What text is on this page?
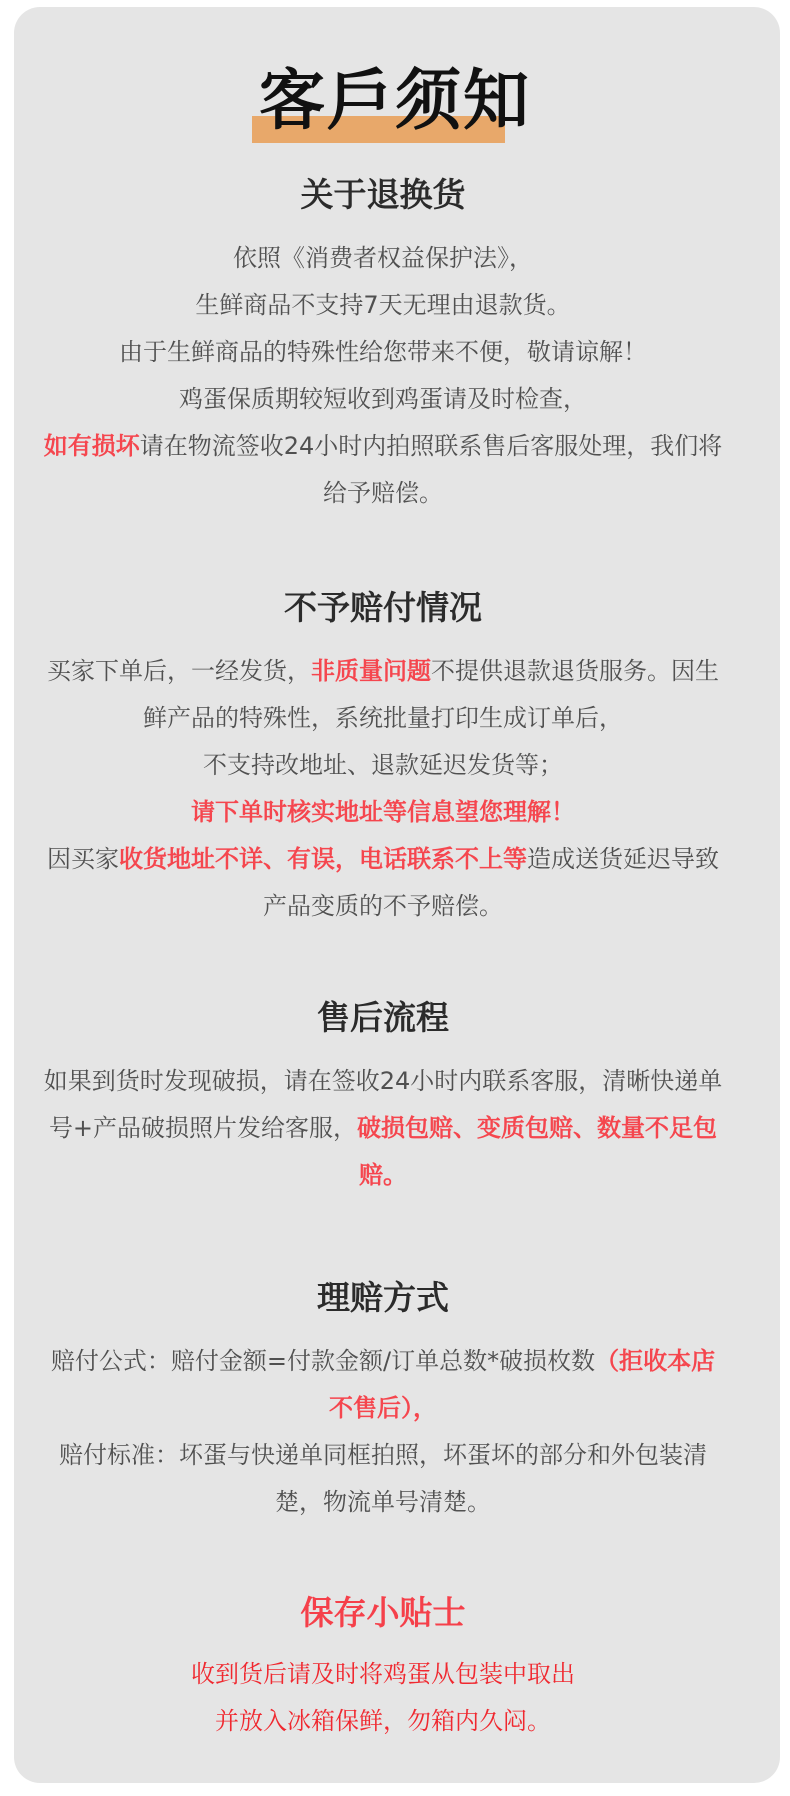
客戶须知
关于退换货
依照《消费者权益保护法》，
生鲜商品不支持7天无理由退款货。
由于生鲜商品的特殊性给您带来不便，敬请谅解！
鸡蛋保质期较短收到鸡蛋请及时检查，
如有损坏请在物流签收24小时内拍照联系售后客服处理，我们将给予赔偿。
不予赔付情况
买家下单后，一经发货，非质量问题不提供退款退货服务。因生鲜产品的特殊性，系统批量打印生成订单后，
不支持改地址、退款延迟发货等；
请下单时核实地址等信息望您理解！
因买家收货地址不详、有误，电话联系不上等造成送货延迟导致产品变质的不予赔偿。
售后流程
如果到货时发现破损，请在签收24小时内联系客服，清晰快递单号+产品破损照片发给客服，破损包赔、变质包赔、数量不足包赔。
理赔方式
赔付公式：赔付金额=付款金额/订单总数*破损枚数（拒收本店不售后），
赔付标准：坏蛋与快递单同框拍照，坏蛋坏的部分和外包装清楚，物流单号清楚。
保存小贴士
收到货后请及时将鸡蛋从包装中取出
并放入冰箱保鲜，勿箱内久闷。
